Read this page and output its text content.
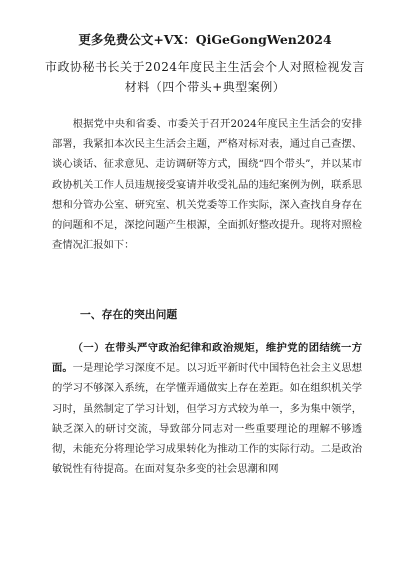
更多免费公文+VX：QiGeGongWen2024
市政协秘书长关于2024年度民主生活会个人对照检视发言材料（四个带头+典型案例）

根据党中央和省委、市委关于召开2024年度民主生活会的安排部署，我紧扣本次民主生活会主题，严格对标对表，通过自己查摆、谈心谈话、征求意见、走访调研等方式，围绕“四个带头”，并以某市政协机关工作人员违规接受宴请并收受礼品的违纪案例为例，联系思想和分管办公室、研究室、机关党委等工作实际，深入查找自身存在的问题和不足，深挖问题产生根源，全面抓好整改提升。现将对照检查情况汇报如下：

一、存在的突出问题

（一）在带头严守政治纪律和政治规矩，维护党的团结统一方面。一是理论学习深度不足。以习近平新时代中国特色社会主义思想的学习不够深入系统，在学懂弄通做实上存在差距。如在组织机关学习时，虽然制定了学习计划，但学习方式较为单一，多为集中领学，缺乏深入的研讨交流，导致部分同志对一些重要理论的理解不够透彻，未能充分将理论学习成果转化为推动工作的实际行动。二是政治敏锐性有待提高。在面对复杂多变的社会思潮和网
